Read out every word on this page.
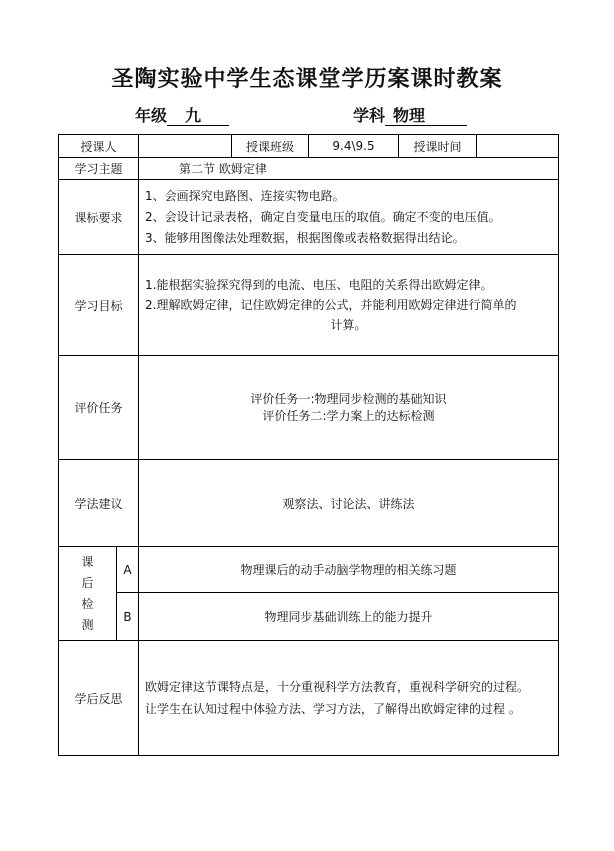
圣陶实验中学生态课堂学历案课时教案
年级 九	学科 物理
授课人			授课班级	9.4\9.5	授课时间	
学习主题		第二节 欧姆定律				
课标要求		1、会画探究电路图、连接实物电路。
2、会设计记录表格，确定自变量电压的取值。确定不变的电压值。
3、能够用图像法处理数据，根据图像或表格数据得出结论。				

学习目标		1.能根据实验探究得到的电流、电压、电阻的关系得出欧姆定律。
2.理解欧姆定律，记住欧姆定律的公式，并能利用欧姆定律进行简单的
计算。				

评价任务		评价任务一:物理同步检测的基础知识
评价任务二:学力案上的达标检测				

学法建议		观察法、讨论法、讲练法				

课
后
检
测	A	物理课后的动手动脑学物理的相关练习题				
	B	物理同步基础训练上的能力提升				
学后反思		欧姆定律这节课特点是，十分重视科学方法教育，重视科学研究的过程。
让学生在认知过程中体验方法、学习方法，了解得出欧姆定律的过程 。				
